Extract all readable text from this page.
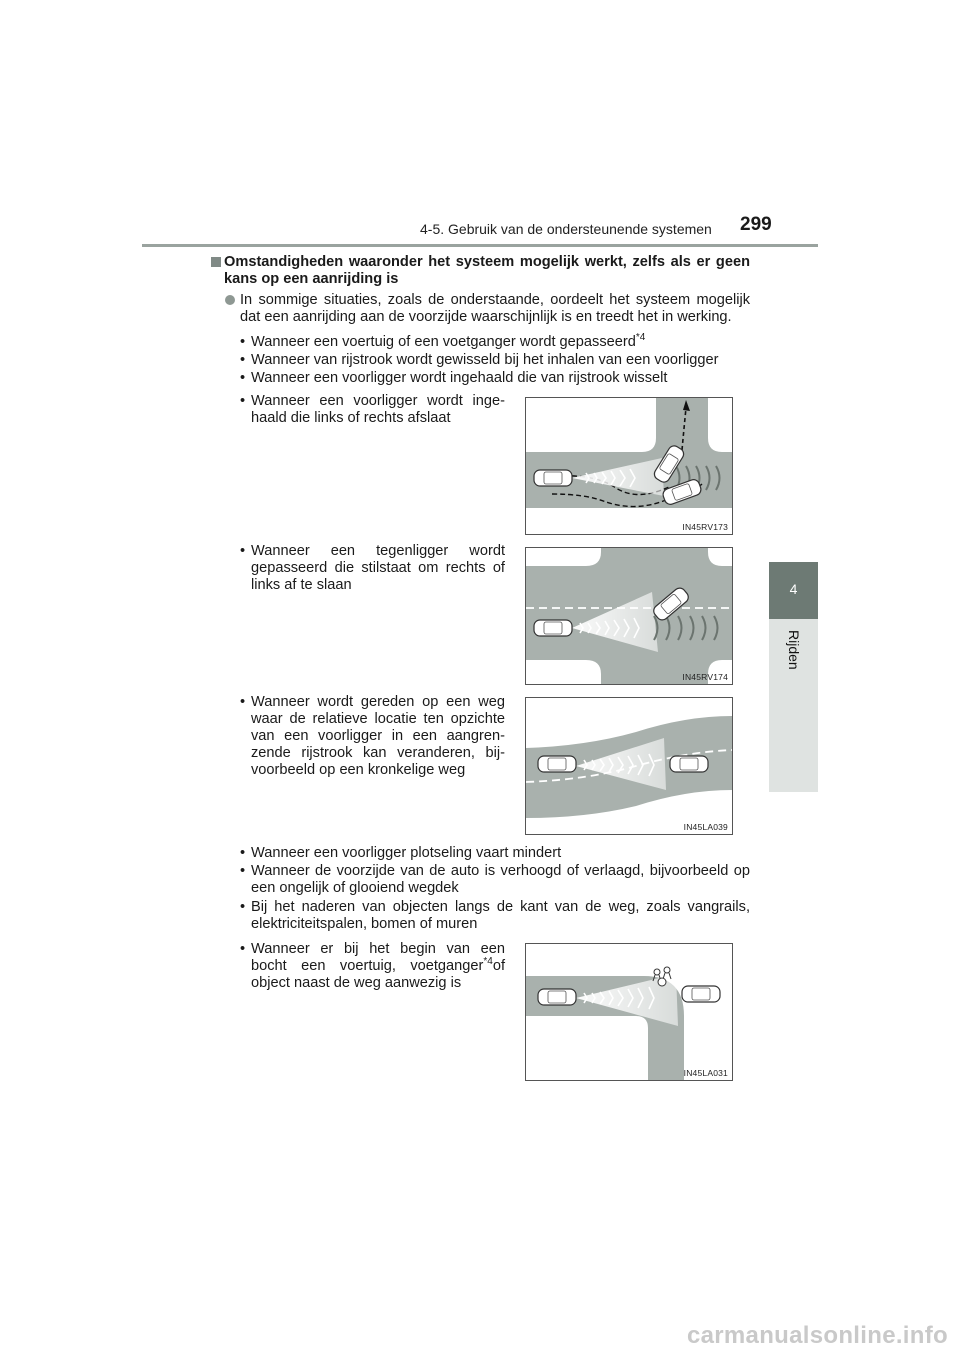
4-5. Gebruik van de ondersteunende systemen 299
4
Rijden
Omstandigheden waaronder het systeem mogelijk werkt, zelfs als er geen kans op een aanrijding is
In sommige situaties, zoals de onderstaande, oordeelt het systeem mogelijk dat een aanrijding aan de voorzijde waarschijnlijk is en treedt het in werking.
• Wanneer een voertuig of een voetganger wordt gepasseerd$^{*4}$
• Wanneer van rijstrook wordt gewisseld bij het inhalen van een voorligger
• Wanneer een voorligger wordt ingehaald die van rijstrook wisselt
• Wanneer een voorligger wordt inge-haald die links of rechts afslaat
IN45RV173
• Wanneer een tegenligger wordt gepasseerd die stilstaat om rechts of links af te slaan
IN45RV174
• Wanneer wordt gereden op een weg waar de relatieve locatie ten opzichte van een voorligger in een aangren-zende rijstrook kan veranderen, bij-voorbeeld op een kronkelige weg
IN45LA039
• Wanneer een voorligger plotseling vaart mindert
• Wanneer de voorzijde van de auto is verhoogd of verlaagd, bijvoorbeeld op een ongelijk of glooiend wegdek
• Bij het naderen van objecten langs de kant van de weg, zoals vangrails, elektriciteitspalen, bomen of muren
• Wanneer er bij het begin van een bocht een voertuig, voetganger$^{*4}$of object naast de weg aanwezig is
IN45LA031
carmanualsonline.info
